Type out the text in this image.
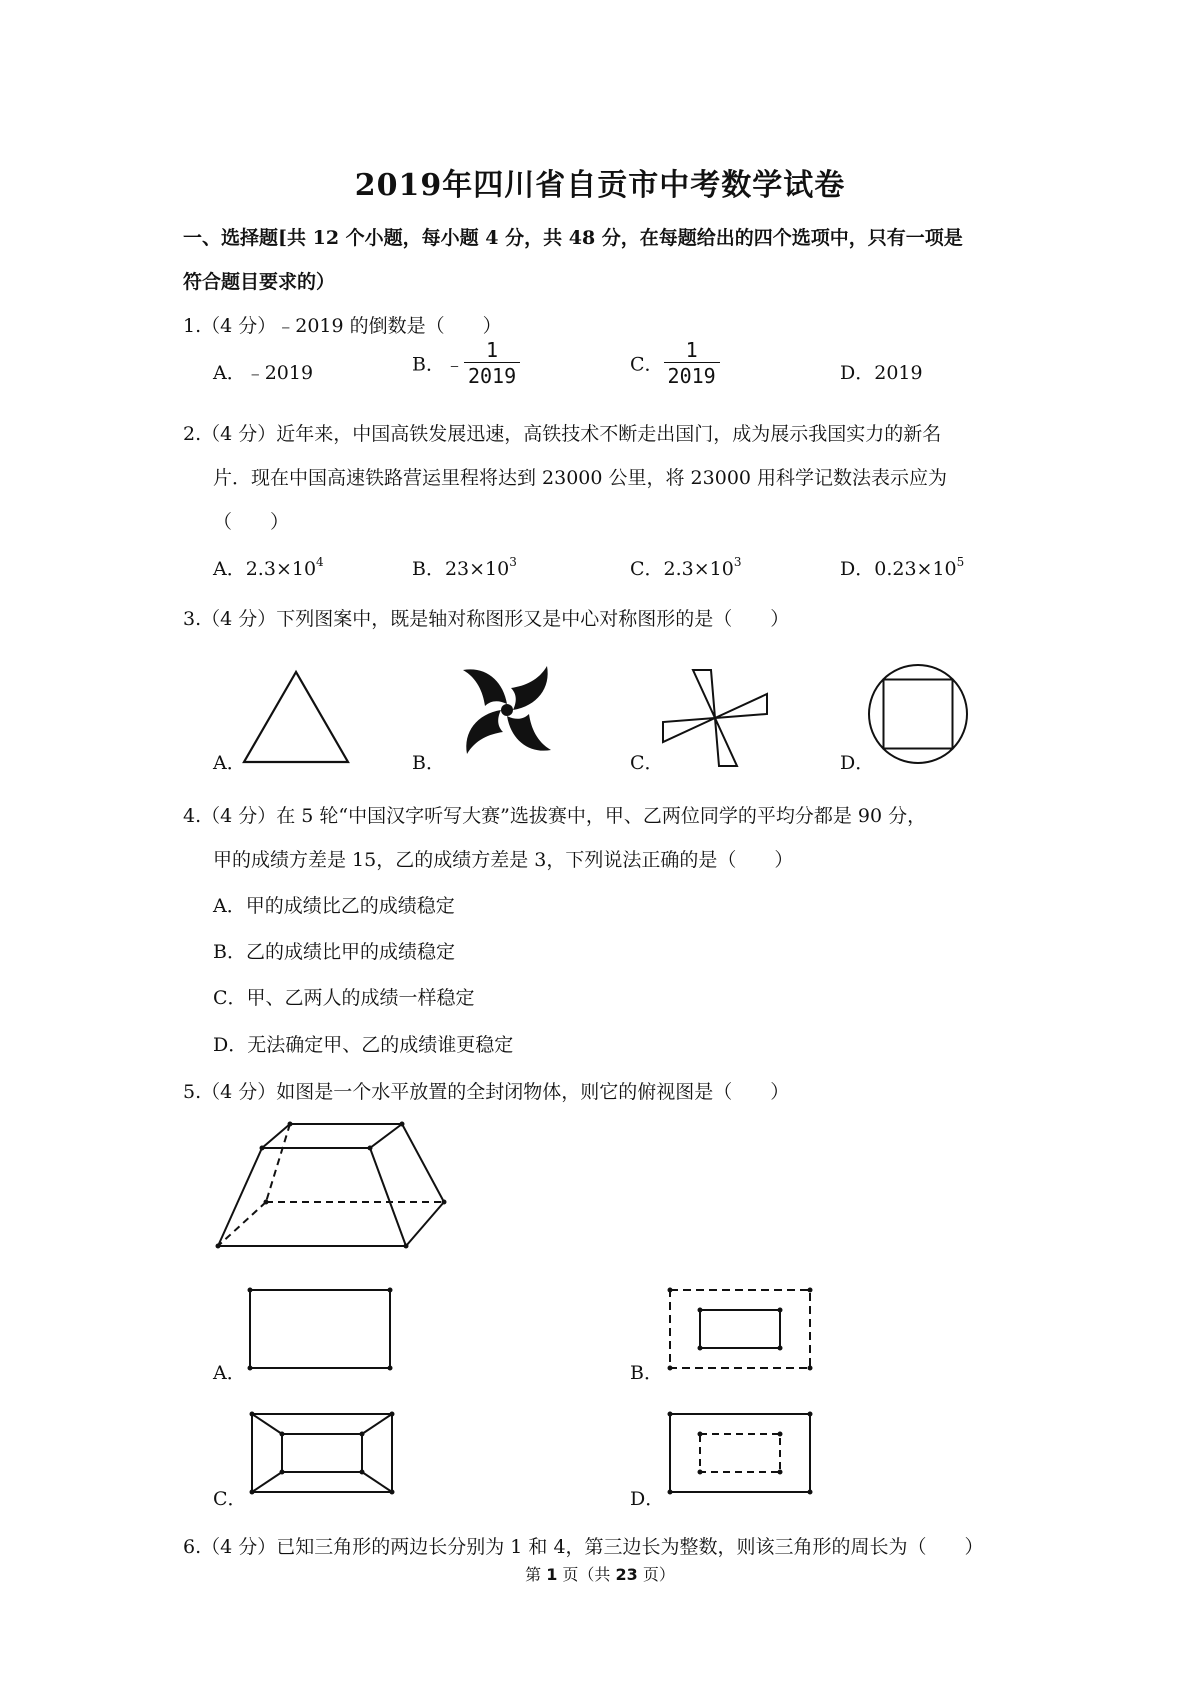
2019年四川省自贡市中考数学试卷
一、选择题[共 12 个小题，每小题 4 分，共 48 分，在每题给出的四个选项中，只有一项是
符合题目要求的）
1.（4 分）﹣2019 的倒数是（　　）
A．﹣2019	B．﹣ $\frac{1}{2019}$	C． $\frac{1}{2019}$	D．2019
2.（4 分）近年来，中国高铁发展迅速，高铁技术不断走出国门，成为展示我国实力的新名
片．现在中国高速铁路营运里程将达到 23000 公里，将 23000 用科学记数法表示应为
（　　）
A．$2.3\times 10^4$	B．$23\times 10^3$	C．$2.3\times 10^3$	D．$0.23\times 10^5$
3.（4 分）下列图案中，既是轴对称图形又是中心对称图形的是（　　）
A．	B．	C．	D．
4.（4 分）在 5 轮“中国汉字听写大赛”选拔赛中，甲、乙两位同学的平均分都是 90 分，
甲的成绩方差是 15，乙的成绩方差是 3，下列说法正确的是（　　）
A．甲的成绩比乙的成绩稳定
B．乙的成绩比甲的成绩稳定
C．甲、乙两人的成绩一样稳定
D．无法确定甲、乙的成绩谁更稳定
5.（4 分）如图是一个水平放置的全封闭物体，则它的俯视图是（　　）
A．	B．
C．	D．
6.（4 分）已知三角形的两边长分别为 1 和 4，第三边长为整数，则该三角形的周长为（　　）
第 1 页（共 23 页）
